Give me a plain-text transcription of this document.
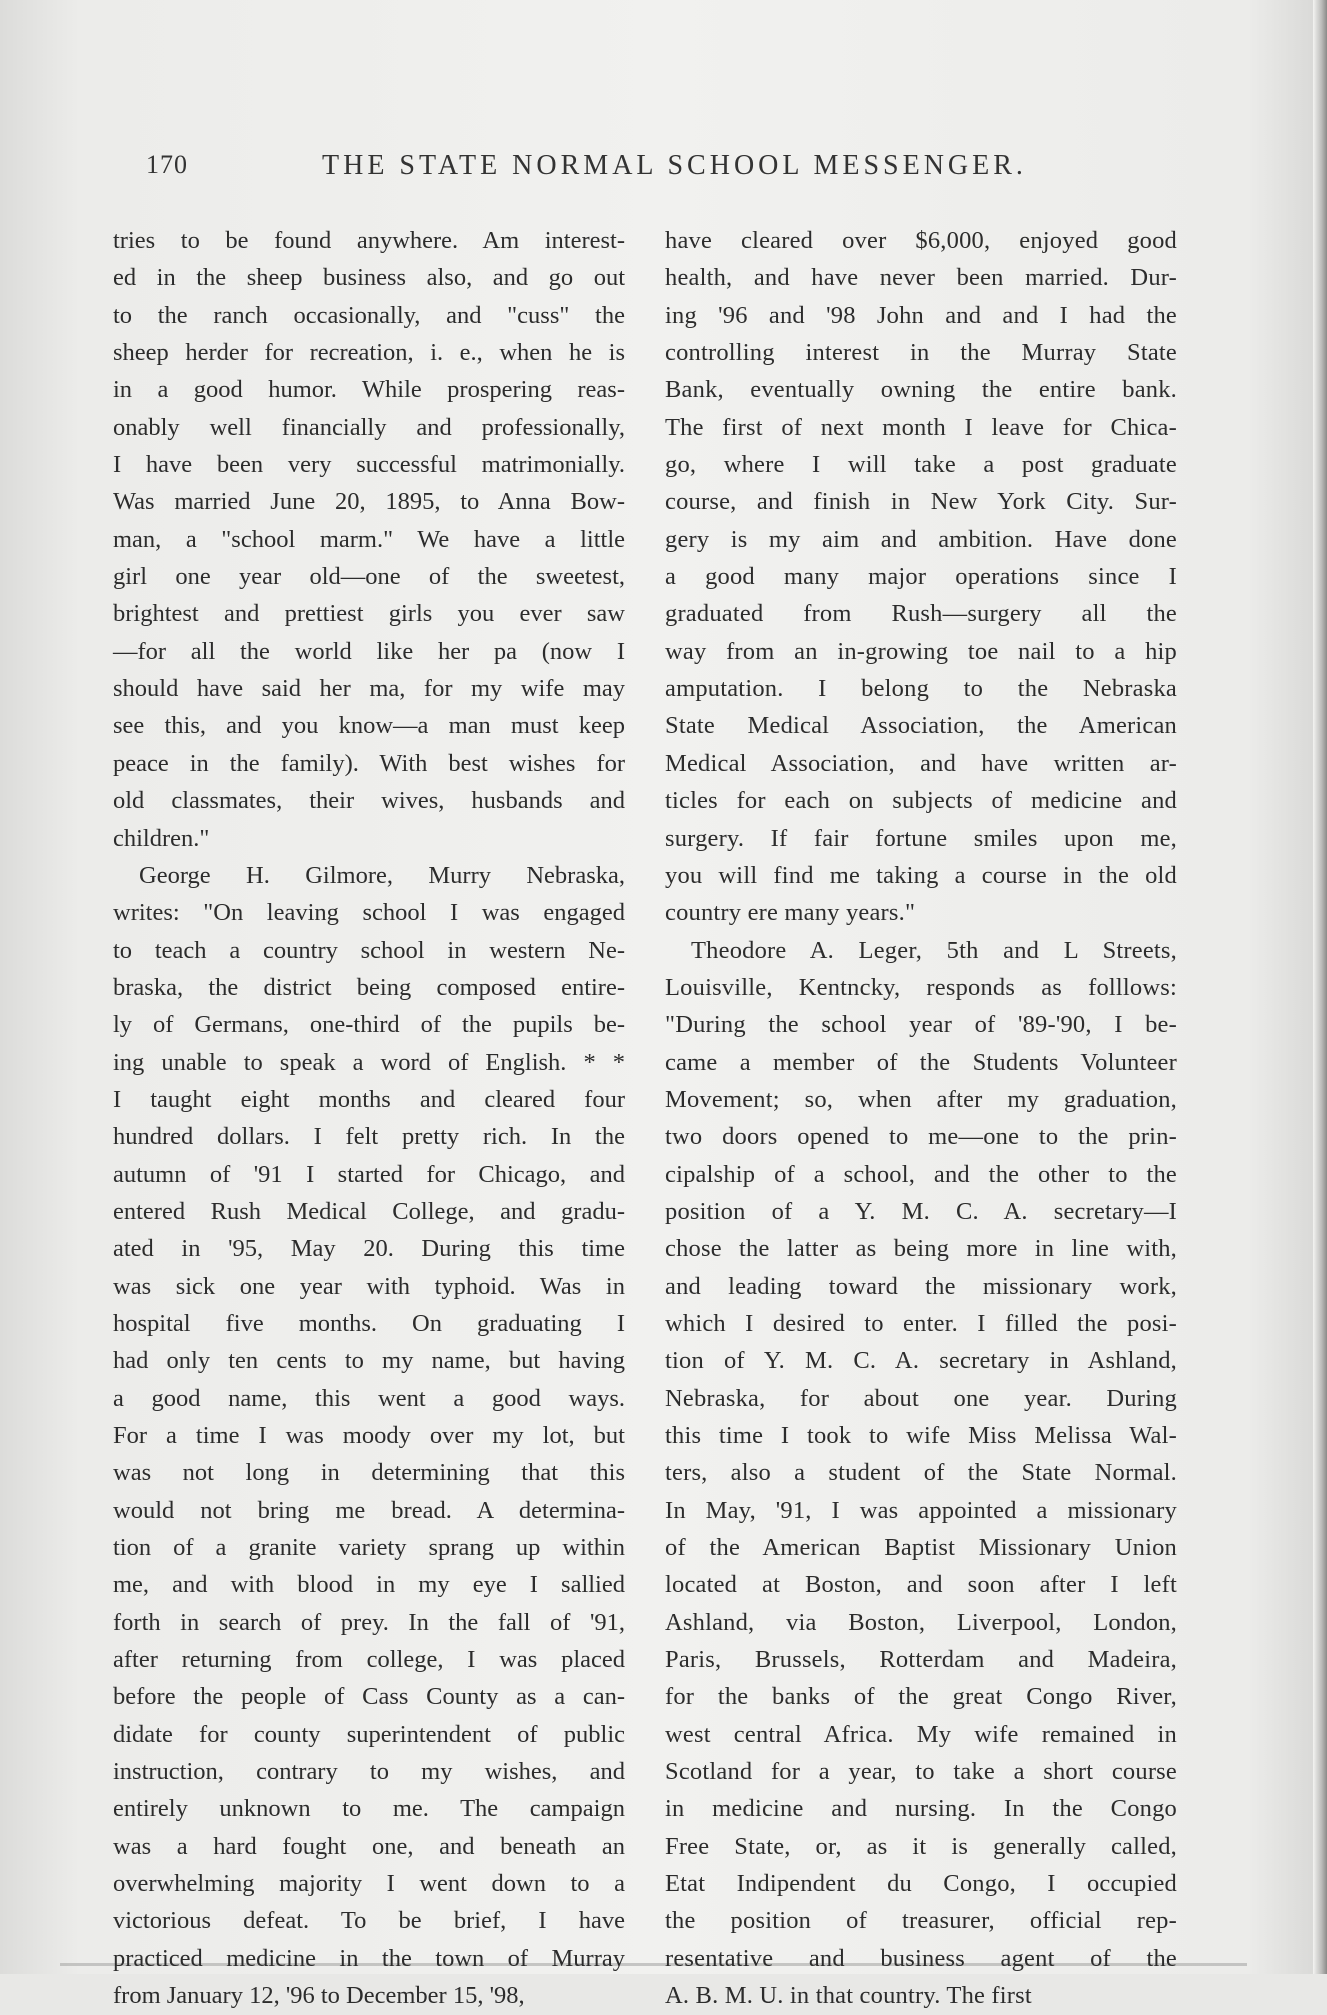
170	THE STATE NORMAL SCHOOL MESSENGER.
tries to be found anywhere. Am interest-
ed in the sheep business also, and go out
to the ranch occasionally, and "cuss" the
sheep herder for recreation, i. e., when he is
in a good humor. While prospering reas-
onably well financially and professionally,
I have been very successful matrimonially.
Was married June 20, 1895, to Anna Bow-
man, a "school marm." We have a little
girl one year old—one of the sweetest,
brightest and prettiest girls you ever saw
—for all the world like her pa (now I
should have said her ma, for my wife may
see this, and you know—a man must keep
peace in the family). With best wishes for
old classmates, their wives, husbands and
children."
George H. Gilmore, Murry Nebraska,
writes: "On leaving school I was engaged
to teach a country school in western Ne-
braska, the district being composed entire-
ly of Germans, one-third of the pupils be-
ing unable to speak a word of English. * *
I taught eight months and cleared four
hundred dollars. I felt pretty rich. In the
autumn of '91 I started for Chicago, and
entered Rush Medical College, and gradu-
ated in '95, May 20. During this time
was sick one year with typhoid. Was in
hospital five months. On graduating I
had only ten cents to my name, but having
a good name, this went a good ways.
For a time I was moody over my lot, but
was not long in determining that this
would not bring me bread. A determina-
tion of a granite variety sprang up within
me, and with blood in my eye I sallied
forth in search of prey. In the fall of '91,
after returning from college, I was placed
before the people of Cass County as a can-
didate for county superintendent of public
instruction, contrary to my wishes, and
entirely unknown to me. The campaign
was a hard fought one, and beneath an
overwhelming majority I went down to a
victorious defeat. To be brief, I have
practiced medicine in the town of Murray
from January 12, '96 to December 15, '98,
have cleared over $6,000, enjoyed good
health, and have never been married. Dur-
ing '96 and '98 John and and I had the
controlling interest in the Murray State
Bank, eventually owning the entire bank.
The first of next month I leave for Chica-
go, where I will take a post graduate
course, and finish in New York City. Sur-
gery is my aim and ambition. Have done
a good many major operations since I
graduated from Rush—surgery all the
way from an in-growing toe nail to a hip
amputation. I belong to the Nebraska
State Medical Association, the American
Medical Association, and have written ar-
ticles for each on subjects of medicine and
surgery. If fair fortune smiles upon me,
you will find me taking a course in the old
country ere many years."
Theodore A. Leger, 5th and L Streets,
Louisville, Kentncky, responds as folllows:
"During the school year of '89-'90, I be-
came a member of the Students Volunteer
Movement; so, when after my graduation,
two doors opened to me—one to the prin-
cipalship of a school, and the other to the
position of a Y. M. C. A. secretary—I
chose the latter as being more in line with,
and leading toward the missionary work,
which I desired to enter. I filled the posi-
tion of Y. M. C. A. secretary in Ashland,
Nebraska, for about one year. During
this time I took to wife Miss Melissa Wal-
ters, also a student of the State Normal.
In May, '91, I was appointed a missionary
of the American Baptist Missionary Union
located at Boston, and soon after I left
Ashland, via Boston, Liverpool, London,
Paris, Brussels, Rotterdam and Madeira,
for the banks of the great Congo River,
west central Africa. My wife remained in
Scotland for a year, to take a short course
in medicine and nursing. In the Congo
Free State, or, as it is generally called,
Etat Indipendent du Congo, I occupied
the position of treasurer, official rep-
resentative and business agent of the
A. B. M. U. in that country. The first
